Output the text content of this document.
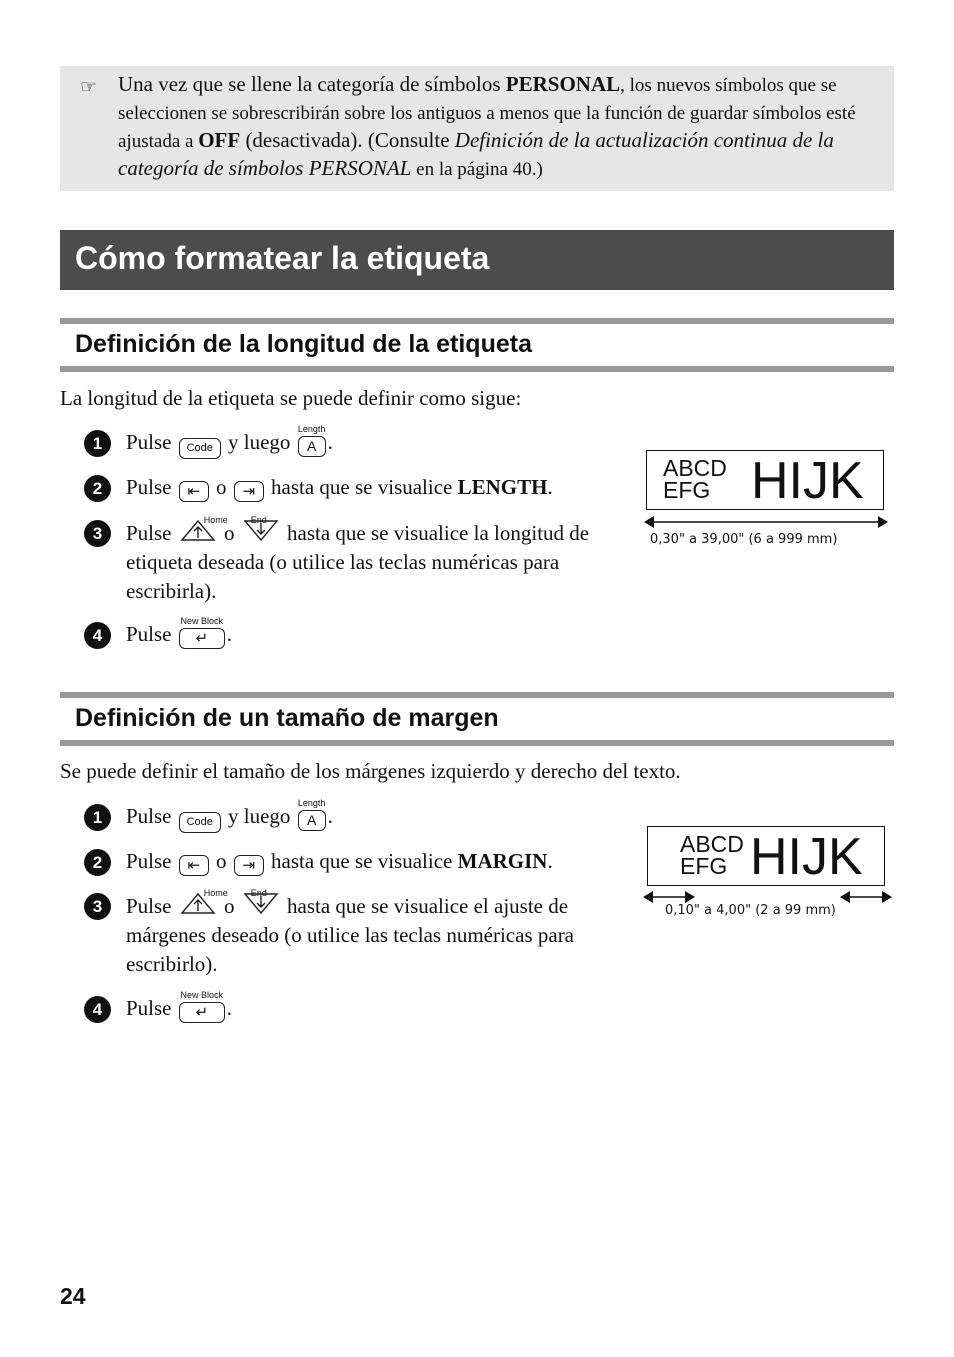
☞ Una vez que se llene la categoría de símbolos PERSONAL, los nuevos símbolos que se seleccionen se sobrescribirán sobre los antiguos a menos que la función de guardar símbolos esté ajustada a OFF (desactivada). (Consulte Definición de la actualización continua de la categoría de símbolos PERSONAL en la página 40.)
Cómo formatear la etiqueta
Definición de la longitud de la etiqueta
La longitud de la etiqueta se puede definir como sigue:
1	Pulse Code y luego
Length
A .
2	Pulse ⇤ o ⇥ hasta que se visualice LENGTH.
3	Pulse
Home
o
End
hasta que se visualice la longitud de etiqueta deseada (o utilice las teclas numéricas para escribirla).
4	Pulse
New Block
↵ .
ABCD
EFG HIJK
0,30" a 39,00" (6 a 999 mm)
Definición de un tamaño de margen
Se puede definir el tamaño de los márgenes izquierdo y derecho del texto.
1	Pulse Code y luego
Length
A .
2	Pulse ⇤ o ⇥ hasta que se visualice MARGIN.
3	Pulse
Home
o
End
hasta que se visualice el ajuste de márgenes deseado (o utilice las teclas numéricas para escribirlo).
4	Pulse
New Block
↵ .
ABCD
EFG HIJK
0,10" a 4,00" (2 a 99 mm)
24
